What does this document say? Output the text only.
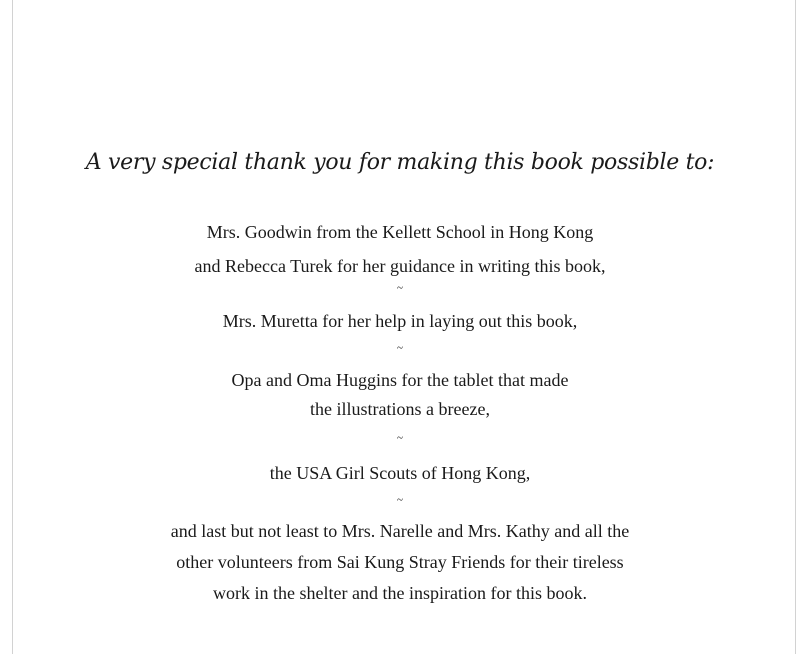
A very special thank you for making this book possible to:
Mrs. Goodwin from the Kellett School in Hong Kong
and Rebecca Turek for her guidance in writing this book,
~
Mrs. Muretta for her help in laying out this book,
~
Opa and Oma Huggins for the tablet that made
the illustrations a breeze,
~
the USA Girl Scouts of Hong Kong,
~
and last but not least to Mrs. Narelle and Mrs. Kathy and all the
other volunteers from Sai Kung Stray Friends for their tireless
work in the shelter and the inspiration for this book.
